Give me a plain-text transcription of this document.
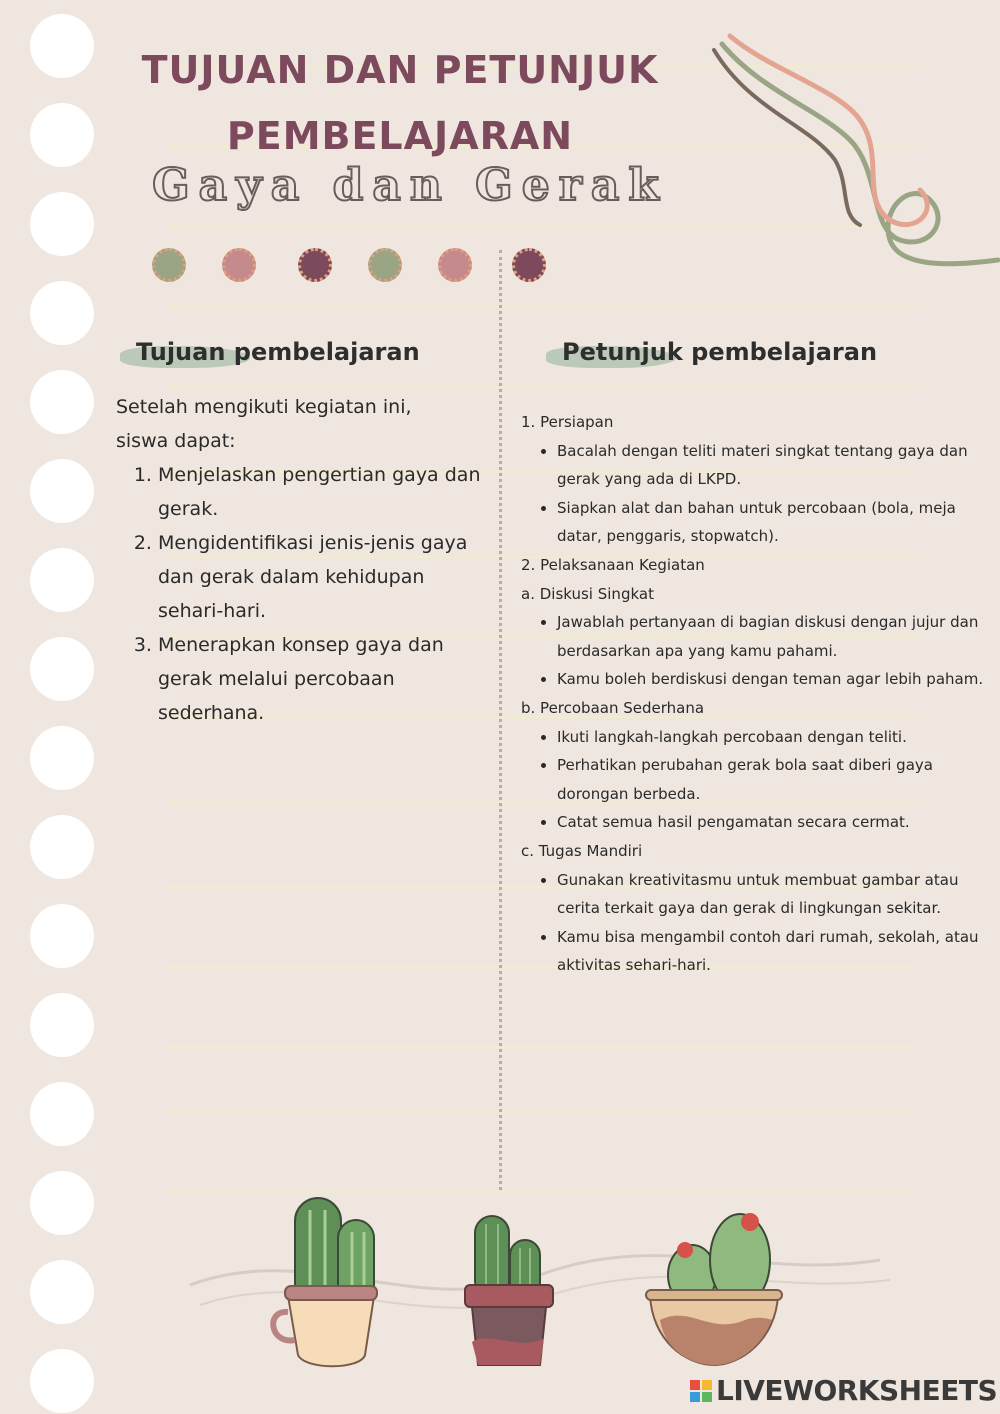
TUJUAN DAN PETUNJUK
PEMBELAJARAN
Gaya dan Gerak
Tujuan pembelajaran	Petunjuk pembelajaran

Setelah mengikuti kegiatan ini,

siswa dapat:

1. Menjelaskan pengertian gaya dan gerak.
2. Mengidentifikasi jenis-jenis gaya dan gerak dalam kehidupan sehari-hari.
3. Menerapkan konsep gaya dan gerak melalui percobaan sederhana.

1. Persiapan

• Bacalah dengan teliti materi singkat tentang gaya dan gerak yang ada di LKPD.
• Siapkan alat dan bahan untuk percobaan (bola, meja datar, penggaris, stopwatch).

2. Pelaksanaan Kegiatan

a. Diskusi Singkat

• Jawablah pertanyaan di bagian diskusi dengan jujur dan berdasarkan apa yang kamu pahami.
• Kamu boleh berdiskusi dengan teman agar lebih paham.

b. Percobaan Sederhana

• Ikuti langkah-langkah percobaan dengan teliti.
• Perhatikan perubahan gerak bola saat diberi gaya dorongan berbeda.
• Catat semua hasil pengamatan secara cermat.

c. Tugas Mandiri

• Gunakan kreativitasmu untuk membuat gambar atau cerita terkait gaya dan gerak di lingkungan sekitar.
• Kamu bisa mengambil contoh dari rumah, sekolah, atau aktivitas sehari-hari.
LIVEWORKSHEETS
